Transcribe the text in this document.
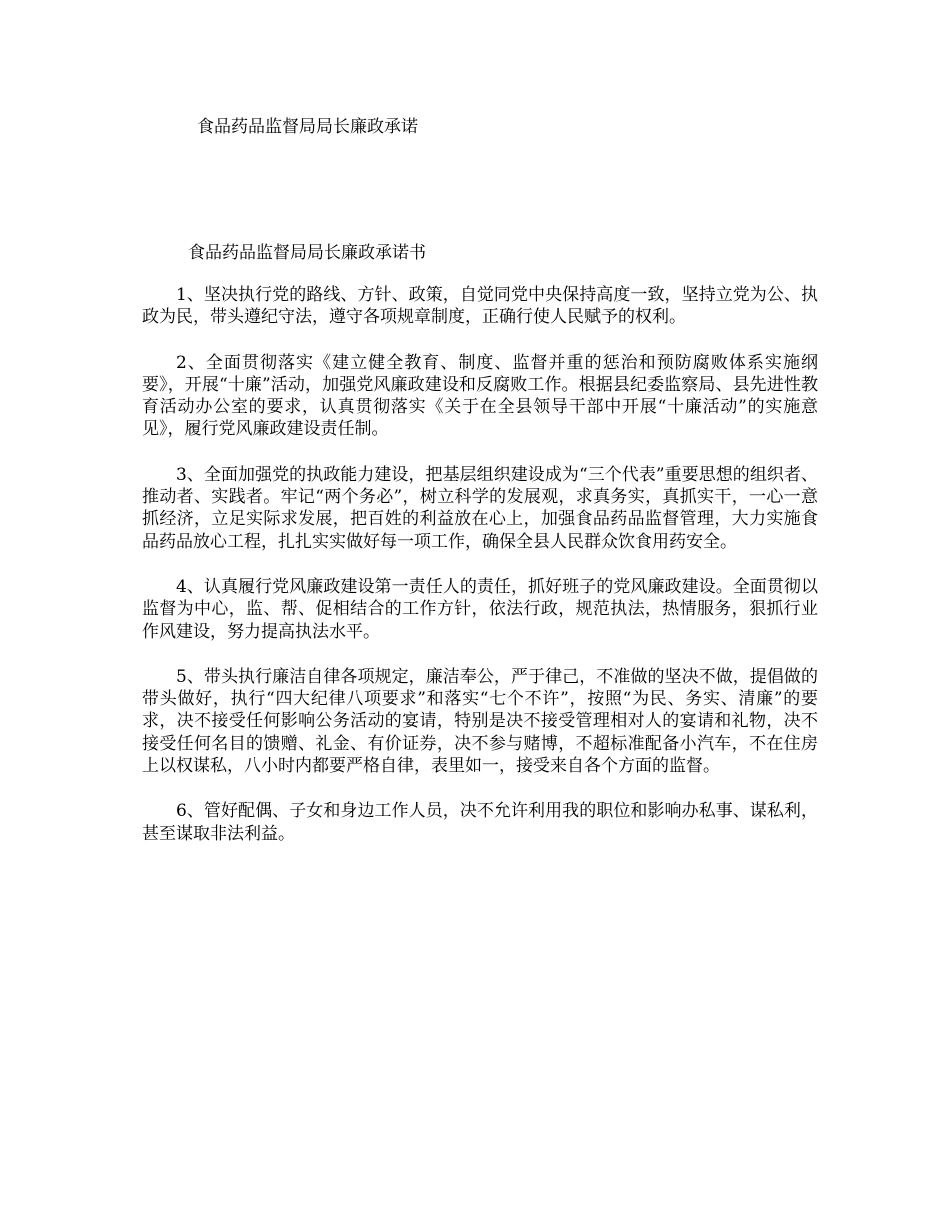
食品药品监督局局长廉政承诺
食品药品监督局局长廉政承诺书

1、坚决执行党的路线、方针、政策，自觉同党中央保持高度一致，坚持立党为公、执政为民，带头遵纪守法，遵守各项规章制度，正确行使人民赋予的权利。

2、全面贯彻落实《建立健全教育、制度、监督并重的惩治和预防腐败体系实施纲要》，开展“十廉”活动，加强党风廉政建设和反腐败工作。根据县纪委监察局、县先进性教育活动办公室的要求，认真贯彻落实《关于在全县领导干部中开展“十廉活动”的实施意见》，履行党风廉政建设责任制。

3、全面加强党的执政能力建设，把基层组织建设成为“三个代表”重要思想的组织者、推动者、实践者。牢记“两个务必”，树立科学的发展观，求真务实，真抓实干，一心一意抓经济，立足实际求发展，把百姓的利益放在心上，加强食品药品监督管理，大力实施食品药品放心工程，扎扎实实做好每一项工作，确保全县人民群众饮食用药安全。

4、认真履行党风廉政建设第一责任人的责任，抓好班子的党风廉政建设。全面贯彻以监督为中心，监、帮、促相结合的工作方针，依法行政，规范执法，热情服务，狠抓行业作风建设，努力提高执法水平。

5、带头执行廉洁自律各项规定，廉洁奉公，严于律己，不准做的坚决不做，提倡做的带头做好，执行“四大纪律八项要求”和落实“七个不许”，按照“为民、务实、清廉”的要求，决不接受任何影响公务活动的宴请，特别是决不接受管理相对人的宴请和礼物，决不接受任何名目的馈赠、礼金、有价证券，决不参与赌博，不超标准配备小汽车，不在住房上以权谋私，八小时内都要严格自律，表里如一，接受来自各个方面的监督。

6、管好配偶、子女和身边工作人员，决不允许利用我的职位和影响办私事、谋私利，甚至谋取非法利益。
